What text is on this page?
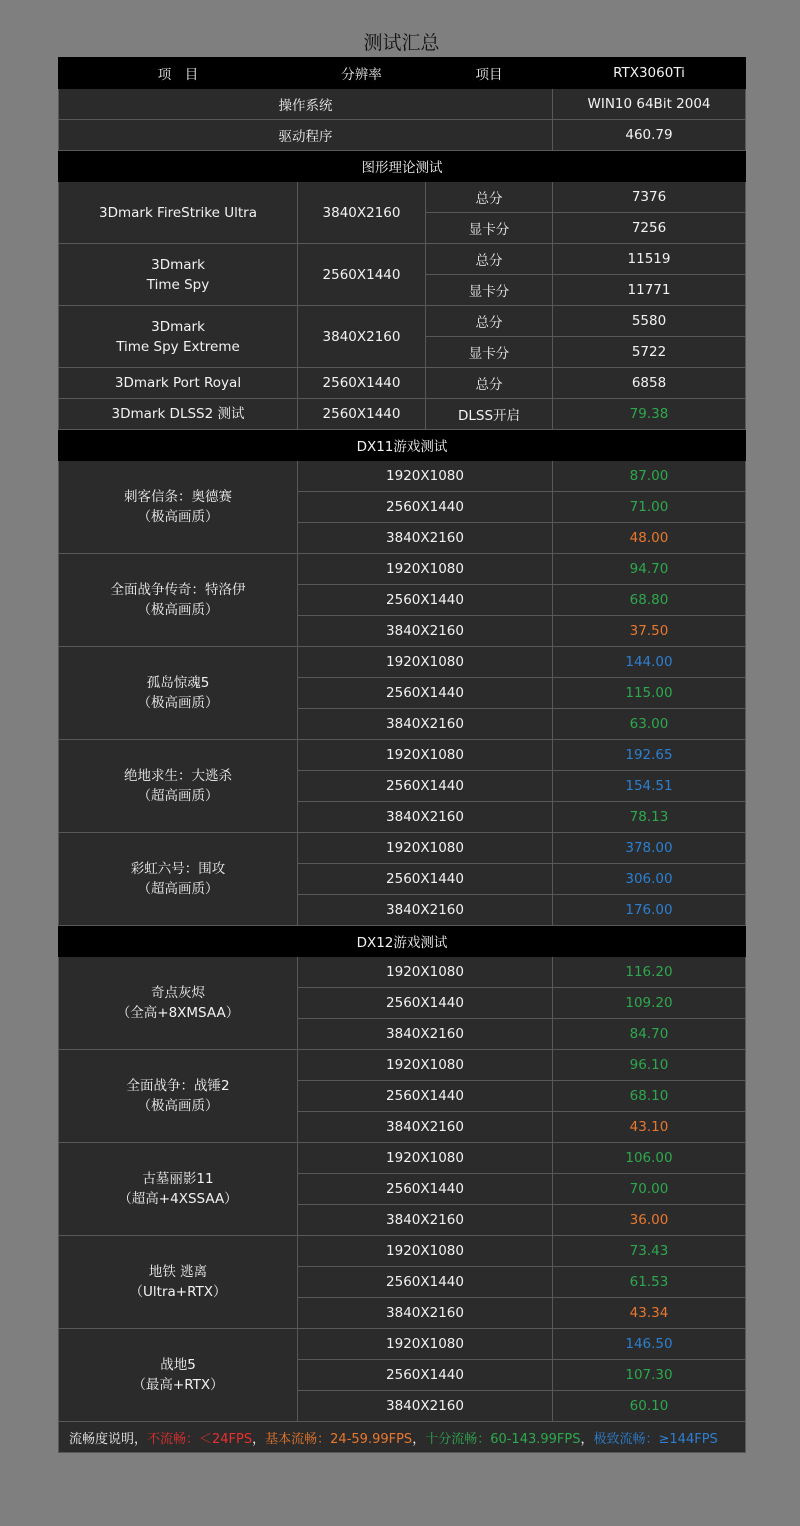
测试汇总
项　目	分辨率	项目	RTX3060Ti
操作系统			WIN10 64Bit 2004
驱动程序			460.79
图形理论测试			

3Dmark FireStrike Ultra	3840X2160	总分	7376
		显卡分	7256

3Dmark
Time Spy	2560X1440	总分	11519
		显卡分	11771

3Dmark
Time Spy Extreme	3840X2160	总分	5580
		显卡分	5722

3Dmark Port Royal	2560X1440	总分	6858

3Dmark DLSS2 测试	2560X1440	DLSS开启	79.38
DX11游戏测试			

刺客信条：奥德赛
（极高画质）	1920X1080		87.00
	2560X1440		71.00
	3840X2160		48.00

全面战争传奇：特洛伊
（极高画质）	1920X1080		94.70
	2560X1440		68.80
	3840X2160		37.50

孤岛惊魂5
（极高画质）	1920X1080		144.00
	2560X1440		115.00
	3840X2160		63.00

绝地求生：大逃杀
（超高画质）	1920X1080		192.65
	2560X1440		154.51
	3840X2160		78.13

彩虹六号：围攻
（超高画质）	1920X1080		378.00
	2560X1440		306.00
	3840X2160		176.00
DX12游戏测试			

奇点灰烬
（全高+8XMSAA）	1920X1080		116.20
	2560X1440		109.20
	3840X2160		84.70

全面战争：战锤2
（极高画质）	1920X1080		96.10
	2560X1440		68.10
	3840X2160		43.10

古墓丽影11
（超高+4XSSAA）	1920X1080		106.00
	2560X1440		70.00
	3840X2160		36.00

地铁 逃离
（Ultra+RTX）	1920X1080		73.43
	2560X1440		61.53
	3840X2160		43.34

战地5
（最高+RTX）	1920X1080		146.50
	2560X1440		107.30
	3840X2160		60.10
流畅度说明，不流畅：＜24FPS，基本流畅：24-59.99FPS，十分流畅：60-143.99FPS，极致流畅：≥144FPS			
